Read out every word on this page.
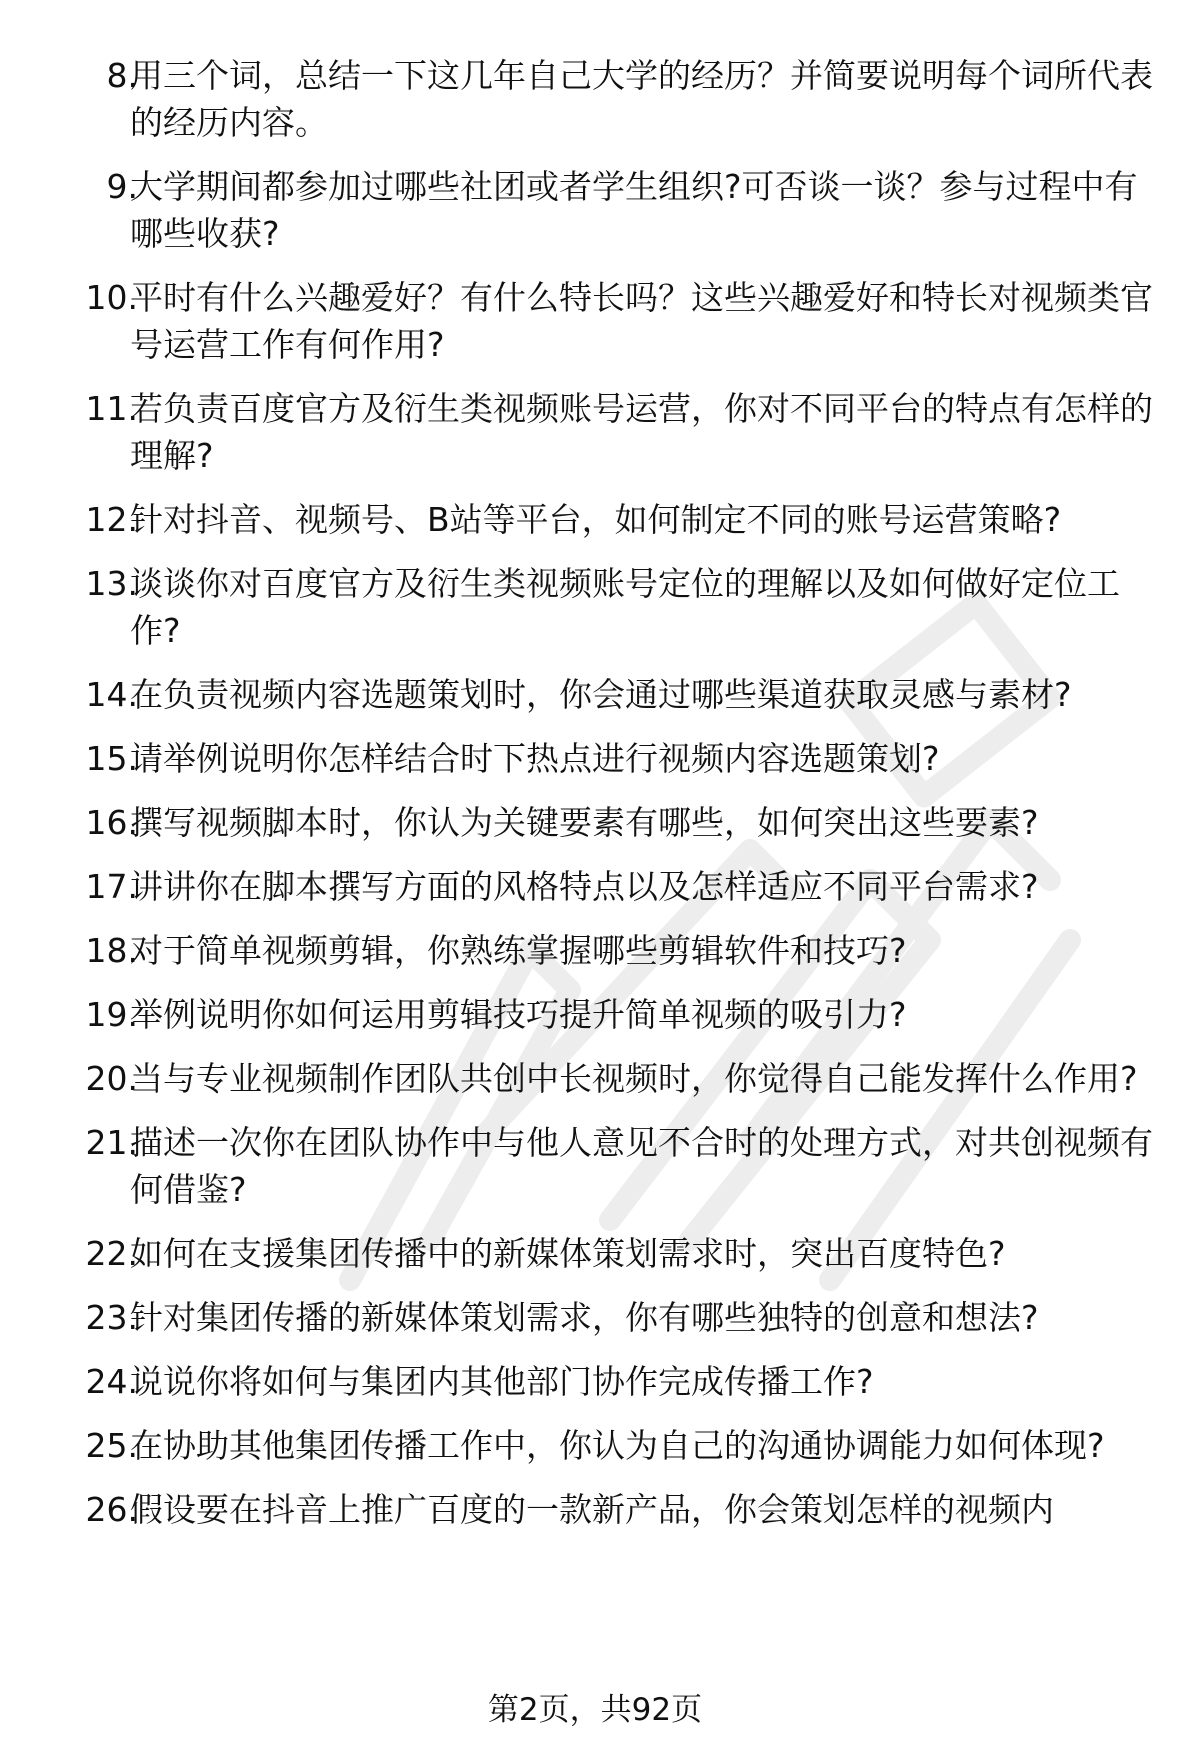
8.
用三个词，总结一下这几年自己大学的经历？并简要说明每个词所代表的经历内容。
9.
大学期间都参加过哪些社团或者学生组织?可否谈一谈？参与过程中有哪些收获?
10.
平时有什么兴趣爱好？有什么特长吗？这些兴趣爱好和特长对视频类官号运营工作有何作用?
11.
若负责百度官方及衍生类视频账号运营，你对不同平台的特点有怎样的理解?
12.
针对抖音、视频号、B站等平台，如何制定不同的账号运营策略?
13.
谈谈你对百度官方及衍生类视频账号定位的理解以及如何做好定位工作?
14.
在负责视频内容选题策划时，你会通过哪些渠道获取灵感与素材?
15.
请举例说明你怎样结合时下热点进行视频内容选题策划?
16.
撰写视频脚本时，你认为关键要素有哪些，如何突出这些要素?
17.
讲讲你在脚本撰写方面的风格特点以及怎样适应不同平台需求?
18.
对于简单视频剪辑，你熟练掌握哪些剪辑软件和技巧?
19.
举例说明你如何运用剪辑技巧提升简单视频的吸引力?
20.
当与专业视频制作团队共创中长视频时，你觉得自己能发挥什么作用?
21.
描述一次你在团队协作中与他人意见不合时的处理方式，对共创视频有何借鉴?
22.
如何在支援集团传播中的新媒体策划需求时，突出百度特色?
23.
针对集团传播的新媒体策划需求，你有哪些独特的创意和想法?
24.
说说你将如何与集团内其他部门协作完成传播工作?
25.
在协助其他集团传播工作中，你认为自己的沟通协调能力如何体现?
26.
假设要在抖音上推广百度的一款新产品，你会策划怎样的视频内
第2页，共92页
